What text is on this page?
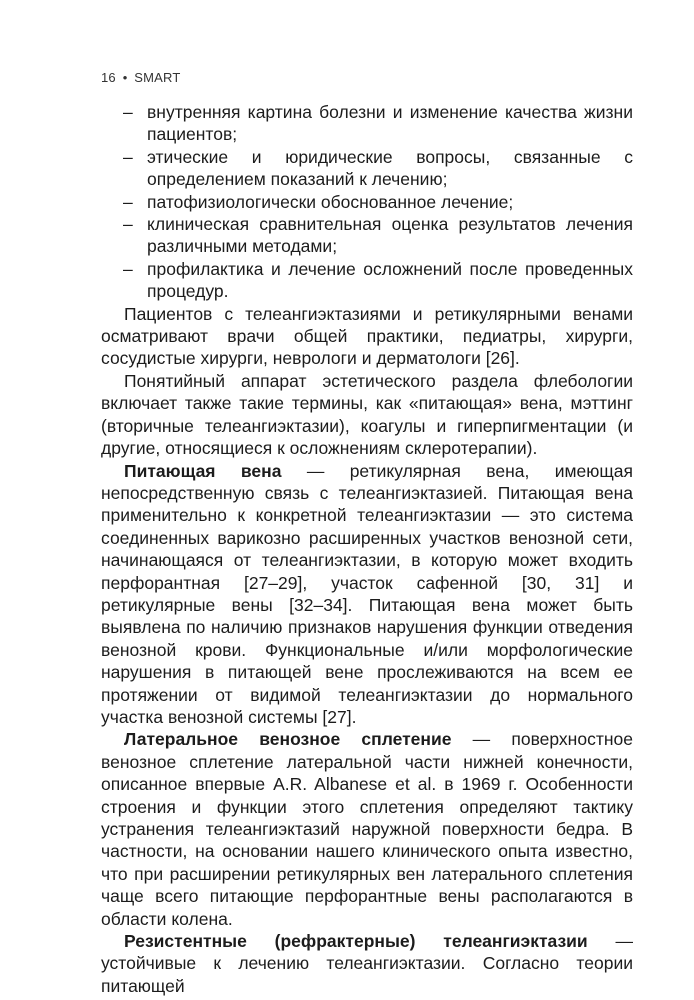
16 • SMART
– внутренняя картина болезни и изменение качества жизни пациентов;
– этические и юридические вопросы, связанные с определением показаний к лечению;
– патофизиологически обоснованное лечение;
– клиническая сравнительная оценка результатов лечения различными методами;
– профилактика и лечение осложнений после проведенных процедур.

Пациентов с телеангиэктазиями и ретикулярными венами осматривают врачи общей практики, педиатры, хирурги, сосудистые хирурги, неврологи и дерматологи [26].

Понятийный аппарат эстетического раздела флебологии включает также такие термины, как «питающая» вена, мэттинг (вторичные телеангиэктазии), коагулы и гиперпигментации (и другие, относящиеся к осложнениям склеротерапии).

Питающая вена — ретикулярная вена, имеющая непосредственную связь с телеангиэктазией. Питающая вена применительно к конкретной телеангиэктазии — это система соединенных варикозно расширенных участков венозной сети, начинающаяся от телеангиэктазии, в которую может входить перфорантная [27–29], участок сафенной [30, 31] и ретикулярные вены [32–34]. Питающая вена может быть выявлена по наличию признаков нарушения функции отведения венозной крови. Функциональные и/или морфологические нарушения в питающей вене прослеживаются на всем ее протяжении от видимой телеангиэктазии до нормального участка венозной системы [27].

Латеральное венозное сплетение — поверхностное венозное сплетение латеральной части нижней конечности, описанное впервые A.R. Albanese et al. в 1969 г. Особенности строения и функции этого сплетения определяют тактику устранения телеангиэктазий наружной поверхности бедра. В частности, на основании нашего клинического опыта известно, что при расширении ретикулярных вен латерального сплетения чаще всего питающие перфорантные вены располагаются в области колена.

Резистентные (рефрактерные) телеангиэктазии — устойчивые к лечению телеангиэктазии. Согласно теории питающей
